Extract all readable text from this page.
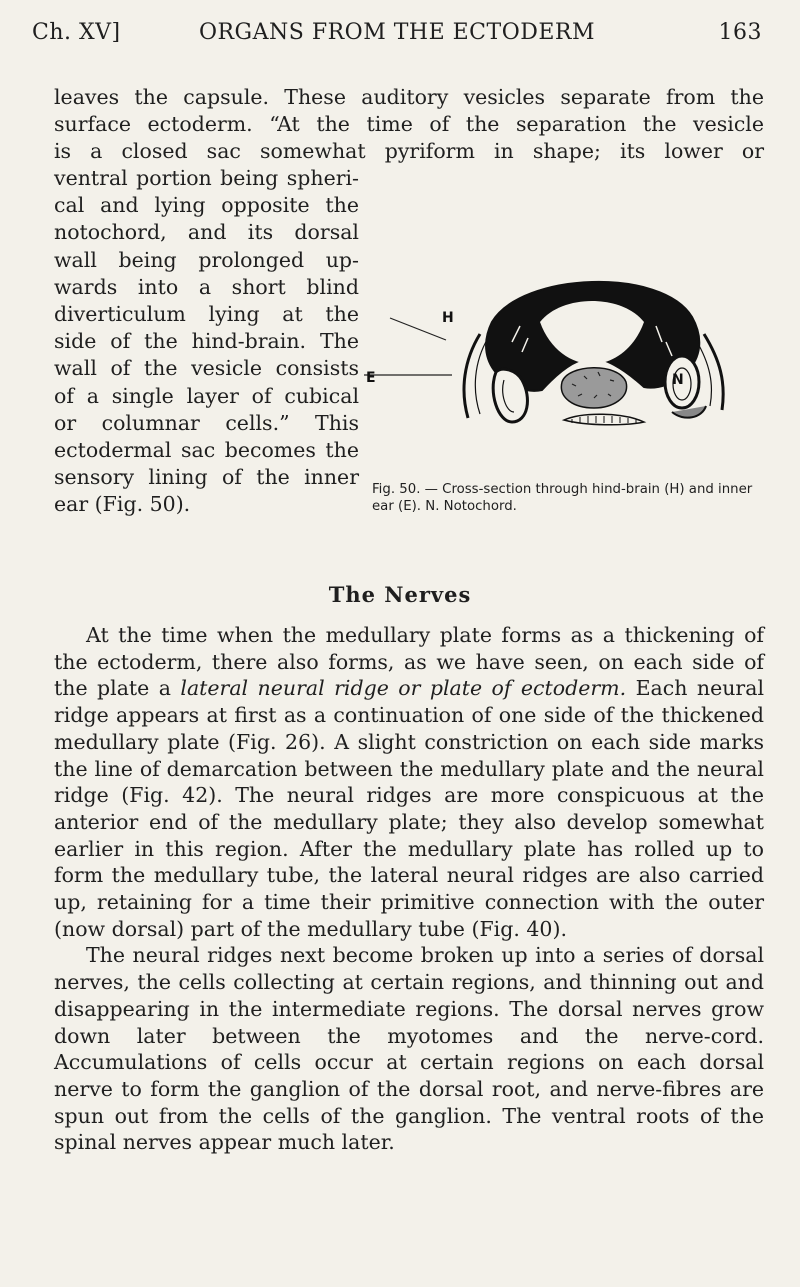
Ch. XV]	ORGANS FROM THE ECTODERM	163

leaves the capsule. These auditory vesicles separate from the
surface ectoderm. “At the time of the separation the vesicle
is a closed sac somewhat pyriform in shape; its lower or

ventral portion being spheri-
cal and lying opposite the
notochord, and its dorsal
wall being prolonged up-
wards into a short blind
diverticulum lying at the
side of the hind-brain. The
wall of the vesicle consists
of a single layer of cubical
or columnar cells.” This
ectodermal sac becomes the
sensory lining of the inner
ear (Fig. 50).
H
E	N

Fig. 50. — Cross-section through hind-brain (H) and inner ear (E). N. Notochord.

The Nerves

At the time when the medullary plate forms as a thickening of the ectoderm, there also forms, as we have seen, on each side of the plate a lateral neural ridge or plate of ectoderm. Each neural ridge appears at first as a continuation of one side of the thickened medullary plate (Fig. 26). A slight constriction on each side marks the line of demarcation between the medullary plate and the neural ridge (Fig. 42). The neural ridges are more conspicuous at the anterior end of the medullary plate; they also develop somewhat earlier in this region. After the medullary plate has rolled up to form the medullary tube, the lateral neural ridges are also carried up, retaining for a time their primitive connection with the outer (now dorsal) part of the medullary tube (Fig. 40).

The neural ridges next become broken up into a series of dorsal nerves, the cells collecting at certain regions, and thinning out and disappearing in the intermediate regions. The dorsal nerves grow down later between the myotomes and the nerve-cord. Accumulations of cells occur at certain regions on each dorsal nerve to form the ganglion of the dorsal root, and nerve-fibres are spun out from the cells of the ganglion. The ventral roots of the spinal nerves appear much later.
